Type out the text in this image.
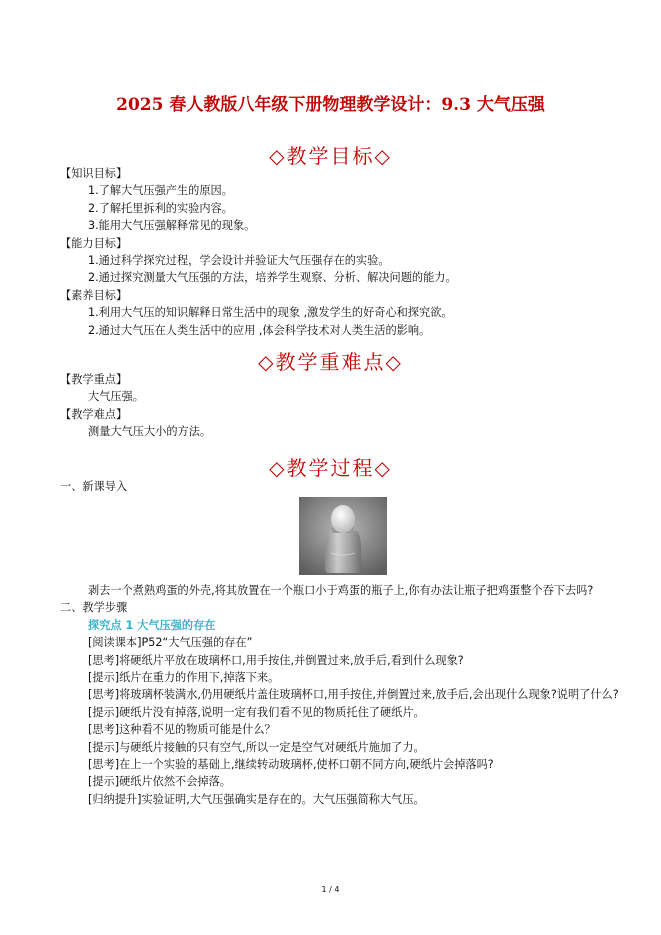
2025 春人教版八年级下册物理教学设计：9.3 大气压强
◇教学目标◇
【知识目标】
1.了解大气压强产生的原因。
2.了解托里拆利的实验内容。
3.能用大气压强解释常见的现象。
【能力目标】
1.通过科学探究过程，学会设计并验证大气压强存在的实验。
2.通过探究测量大气压强的方法，培养学生观察、分析、解决问题的能力。
【素养目标】
1.利用大气压的知识解释日常生活中的现象 ,激发学生的好奇心和探究欲。
2.通过大气压在人类生活中的应用 ,体会科学技术对人类生活的影响。
◇教学重难点◇
【教学重点】
大气压强。
【教学难点】
测量大气压大小的方法。
◇教学过程◇
一、新课导入
剥去一个煮熟鸡蛋的外壳,将其放置在一个瓶口小于鸡蛋的瓶子上,你有办法让瓶子把鸡蛋整个吞下去吗?
二、教学步骤
探究点 1 大气压强的存在
[阅读课本]P52“大气压强的存在”
[思考]将硬纸片平放在玻璃杯口,用手按住,并倒置过来,放手后,看到什么现象?
[提示]纸片在重力的作用下,掉落下来。
[思考]将玻璃杯装满水,仍用硬纸片盖住玻璃杯口,用手按住,并倒置过来,放手后,会出现什么现象?说明了什么?
[提示]硬纸片没有掉落,说明一定有我们看不见的物质托住了硬纸片。
[思考]这种看不见的物质可能是什么？
[提示]与硬纸片接触的只有空气,所以一定是空气对硬纸片施加了力。
[思考]在上一个实验的基础上,继续转动玻璃杯,使杯口朝不同方向,硬纸片会掉落吗?
[提示]硬纸片依然不会掉落。
[归纳提升]实验证明,大气压强确实是存在的。大气压强简称大气压。
1 / 4
